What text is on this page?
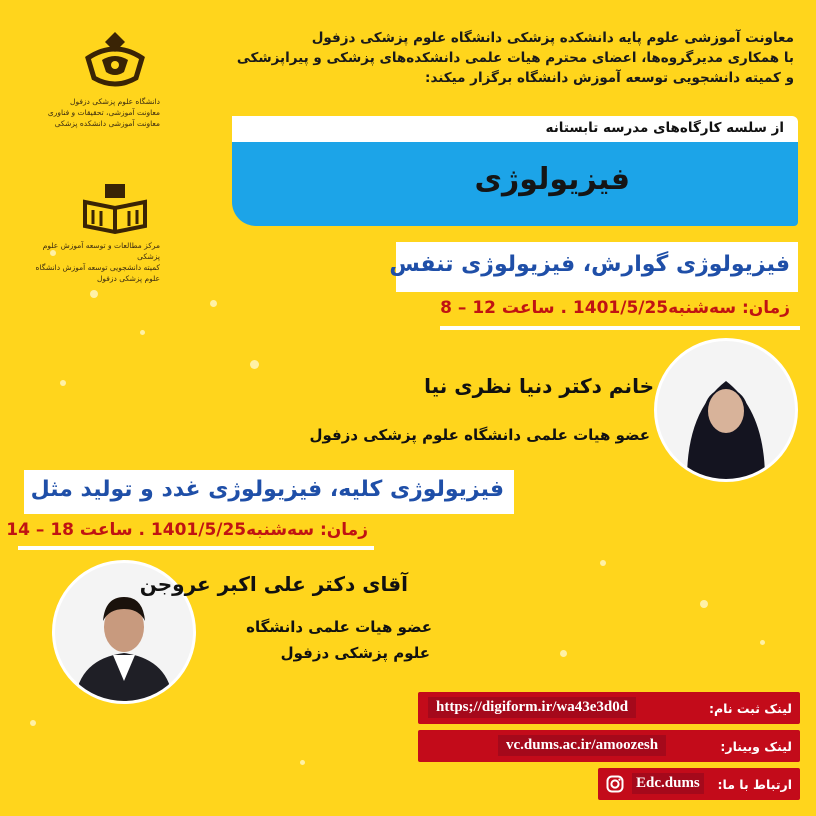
معاونت آموزشی علوم پایه دانشکده پزشکی دانشگاه علوم پزشکی دزفول
با همکاری مدیرگروه‌ها، اعضای محترم هیات علمی دانشکده‌های پزشکی و پیراپزشکی
و کمیته دانشجویی توسعه آموزش دانشگاه برگزار میکند:
دانشگاه علوم پزشکی دزفول
معاونت آموزشی، تحقیقات و فناوری
معاونت آموزشی دانشکده پزشکی
مرکز مطالعات و توسعه آموزش علوم پزشکی
کمیته دانشجویی توسعه آموزش دانشگاه علوم پزشکی دزفول
از سلسه کارگاه‌های مدرسه تابستانه
فیزیولوژی
فیزیولوژی گوارش، فیزیولوژی تنفس
زمان: سه‌شنبه1401/5/25 . ساعت 12 – 8
خانم دکتر دنیا نظری نیا
عضو هیات علمی دانشگاه علوم پزشکی دزفول
فیزیولوژی کلیه، فیزیولوژی غدد و تولید مثل
زمان: سه‌شنبه1401/5/25 . ساعت 18 – 14
آقای دکتر علی اکبر عروجن
عضو هیات علمی دانشگاه
علوم پزشکی دزفول
لینک ثبت نام:
https;//digiform.ir/wa43e3d0d
لینک وبینار:
vc.dums.ac.ir/amoozesh
ارتباط با ما:
Edc.dums
